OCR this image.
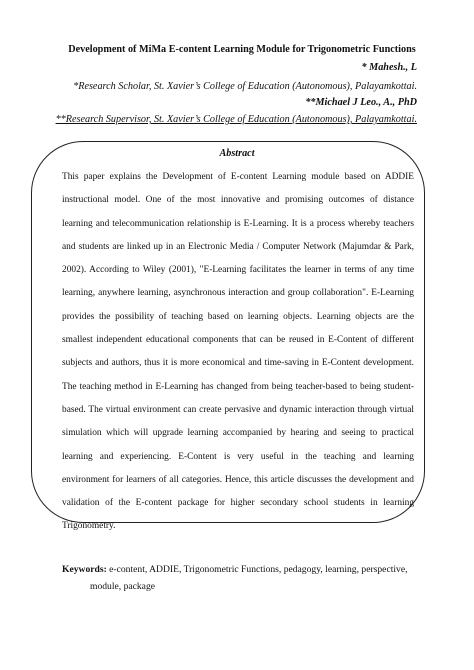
Development of MiMa E-content Learning Module for Trigonometric Functions
* Mahesh., L
*Research Scholar, St. Xavier’s College of Education (Autonomous), Palayamkottai.
**Michael J Leo., A., PhD
**Research Supervisor, St. Xavier’s College of Education (Autonomous), Palayamkottai.
Abstract
This paper explains the Development of E-content Learning module based on ADDIE
instructional model. One of the most innovative and promising outcomes of distance
learning and telecommunication relationship is E-Learning. It is a process whereby teachers
and students are linked up in an Electronic Media / Computer Network (Majumdar & Park,
2002). According to Wiley (2001), "E-Learning facilitates the learner in terms of any time
learning, anywhere learning, asynchronous interaction and group collaboration". E-Learning
provides the possibility of teaching based on learning objects. Learning objects are the
smallest independent educational components that can be reused in E-Content of different
subjects and authors, thus it is more economical and time-saving in E-Content development.
The teaching method in E-Learning has changed from being teacher-based to being student-
based. The virtual environment can create pervasive and dynamic interaction through virtual
simulation which will upgrade learning accompanied by hearing and seeing to practical
learning and experiencing. E-Content is very useful in the teaching and learning
environment for learners of all categories. Hence, this article discusses the development and
validation of the E-content package for higher secondary school students in learning
Trigonometry.
Keywords: e-content, ADDIE, Trigonometric Functions, pedagogy, learning, perspective,
module, package
